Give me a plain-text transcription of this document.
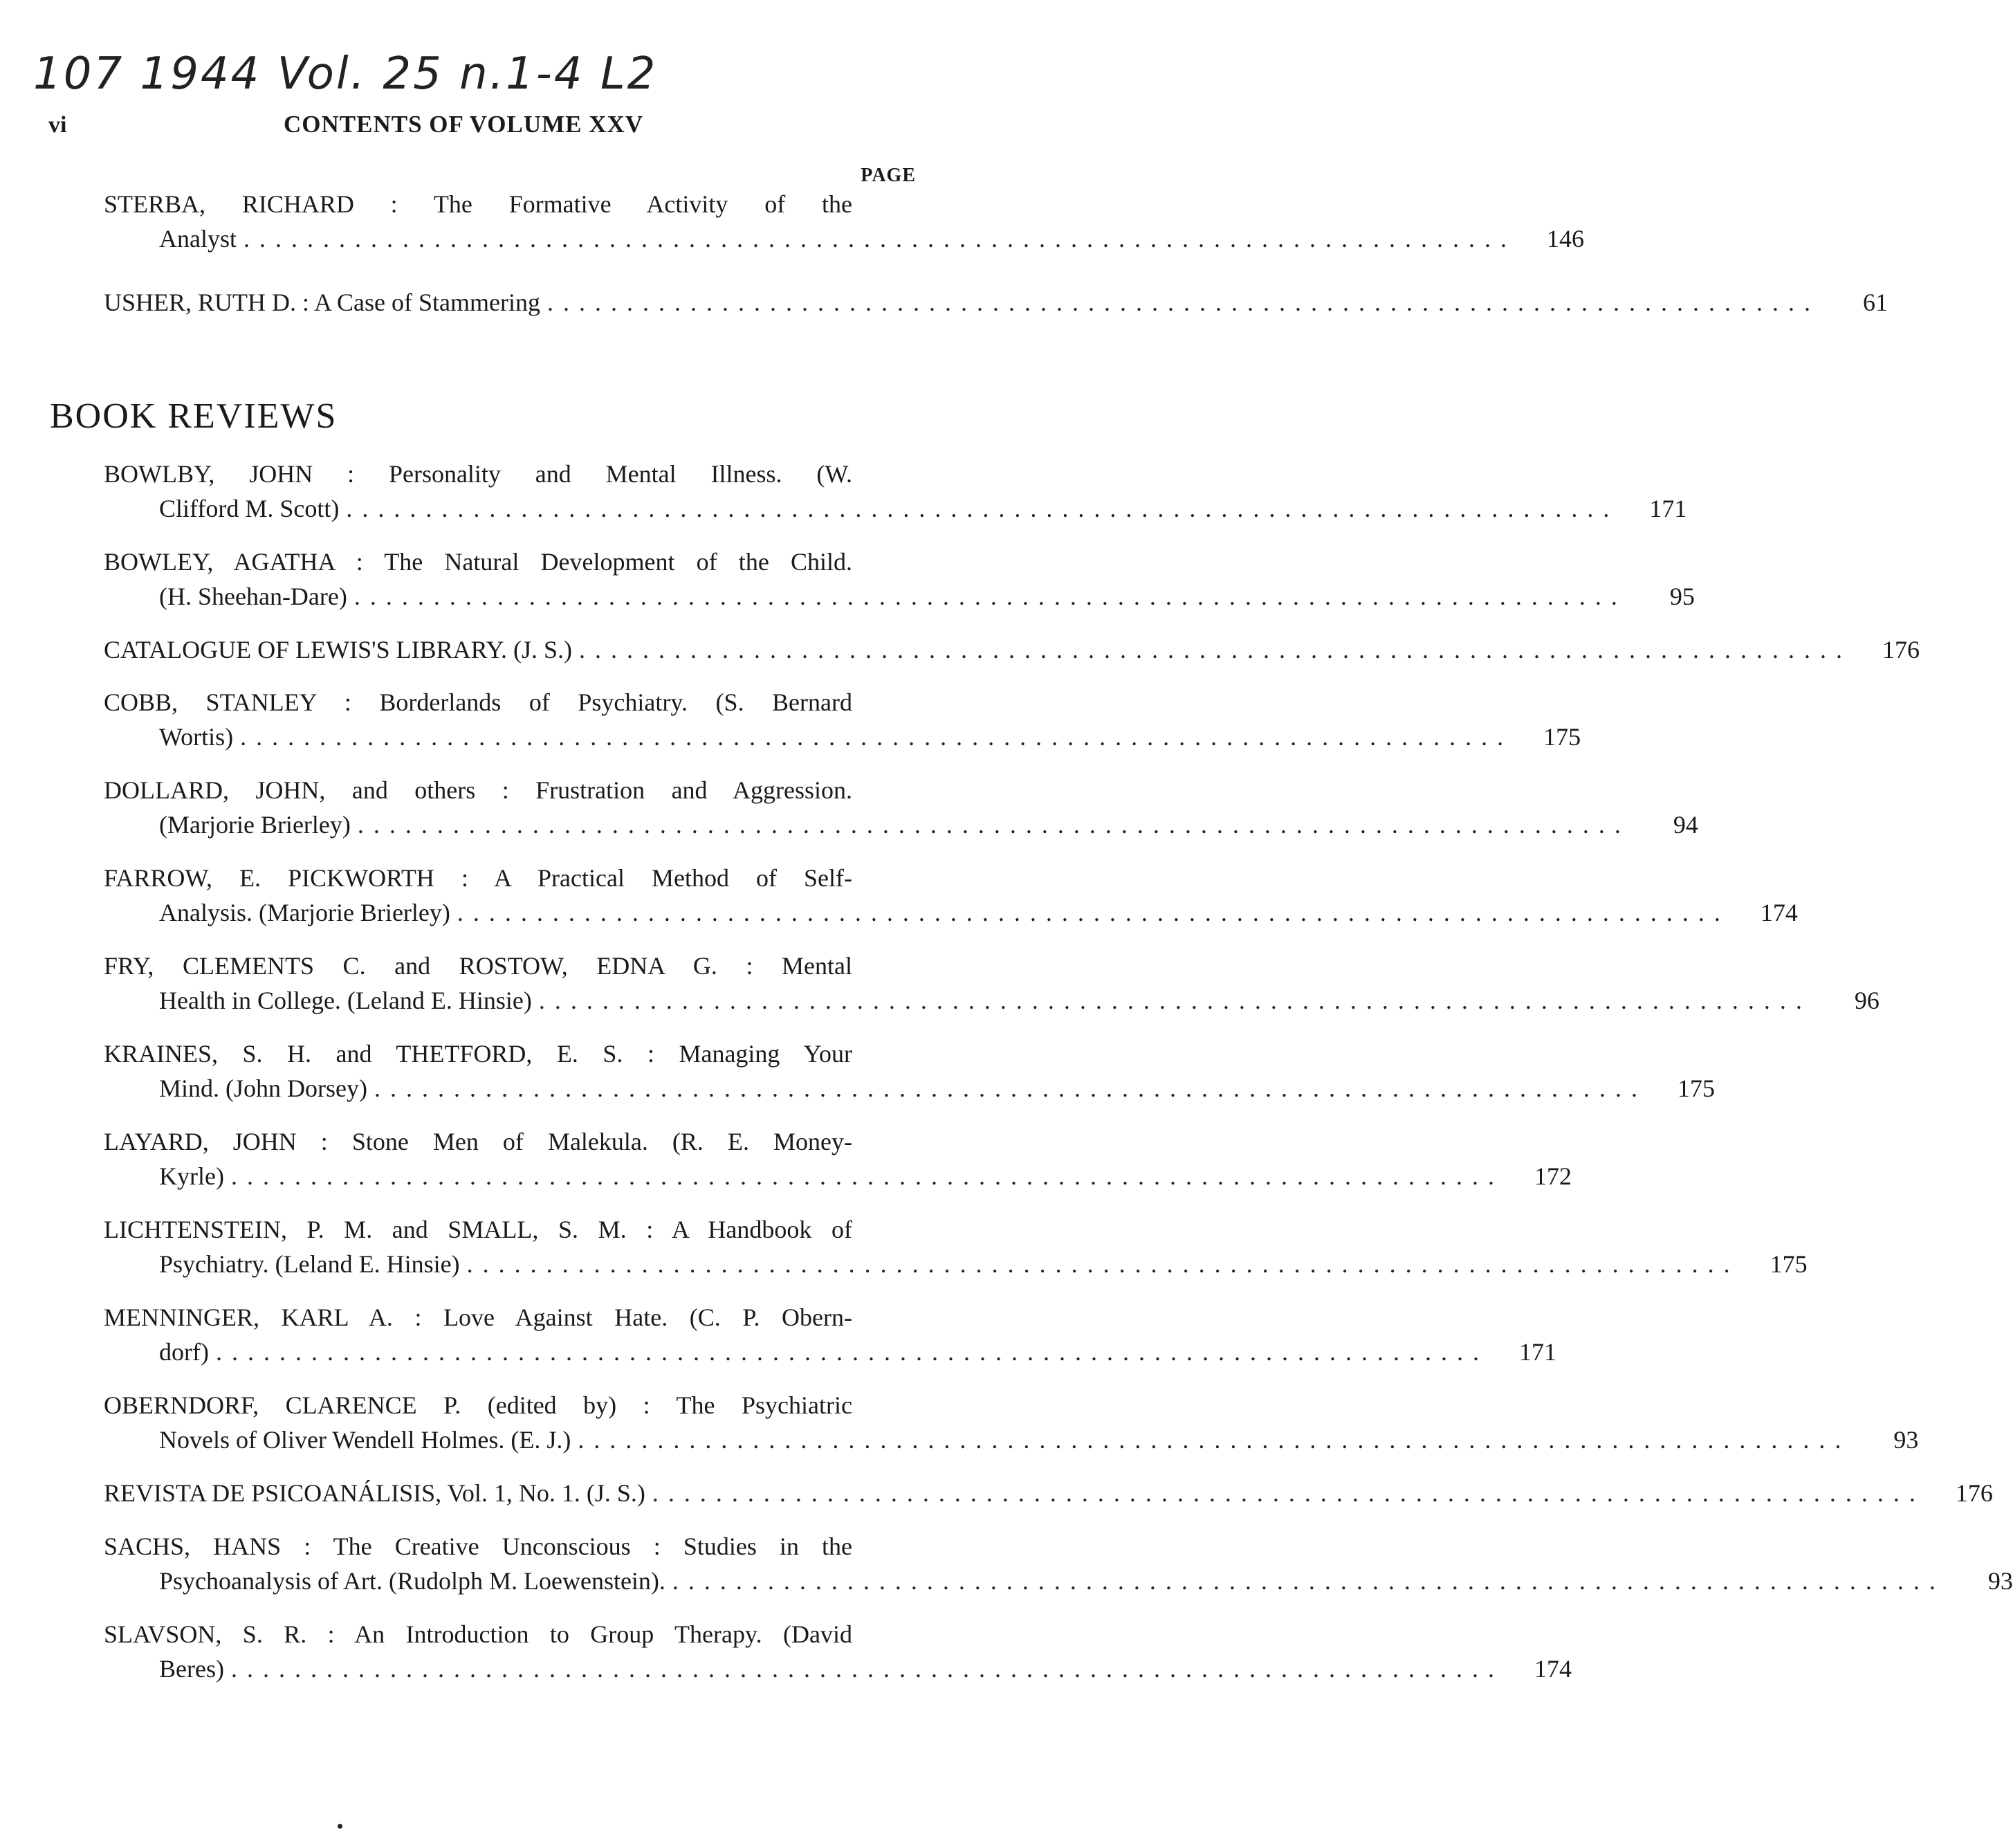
107 1944 Vol. 25 n.1-4 L2
vi	CONTENTS OF VOLUME XXV
PAGE
STERBA, RICHARD : The Formative Activity of the
Analyst ................................................................................	146
USHER, RUTH D. : A Case of Stammering ................................................................................	61
BOOK REVIEWS
BOWLBY, JOHN : Personality and Mental Illness. (W.
Clifford M. Scott) ................................................................................	171
BOWLEY, AGATHA : The Natural Development of the Child.
(H. Sheehan-Dare) ................................................................................	95
CATALOGUE OF LEWIS'S LIBRARY. (J. S.) ................................................................................	176
COBB, STANLEY : Borderlands of Psychiatry. (S. Bernard
Wortis) ................................................................................	175
DOLLARD, JOHN, and others : Frustration and Aggression.
(Marjorie Brierley) ................................................................................	94
FARROW, E. PICKWORTH : A Practical Method of Self-
Analysis. (Marjorie Brierley) ................................................................................	174
FRY, CLEMENTS C. and ROSTOW, EDNA G. : Mental
Health in College. (Leland E. Hinsie) ................................................................................	96
KRAINES, S. H. and THETFORD, E. S. : Managing Your
Mind. (John Dorsey) ................................................................................	175
LAYARD, JOHN : Stone Men of Malekula. (R. E. Money-
Kyrle) ................................................................................	172
LICHTENSTEIN, P. M. and SMALL, S. M. : A Handbook of
Psychiatry. (Leland E. Hinsie) ................................................................................	175
MENNINGER, KARL A. : Love Against Hate. (C. P. Obern-
dorf) ................................................................................	171
OBERNDORF, CLARENCE P. (edited by) : The Psychiatric
Novels of Oliver Wendell Holmes. (E. J.) ................................................................................	93
REVISTA DE PSICOANÁLISIS, Vol. 1, No. 1. (J. S.) ................................................................................	176
SACHS, HANS : The Creative Unconscious : Studies in the
Psychoanalysis of Art. (Rudolph M. Loewenstein). ................................................................................	93
SLAVSON, S. R. : An Introduction to Group Therapy. (David
Beres) ................................................................................	174
